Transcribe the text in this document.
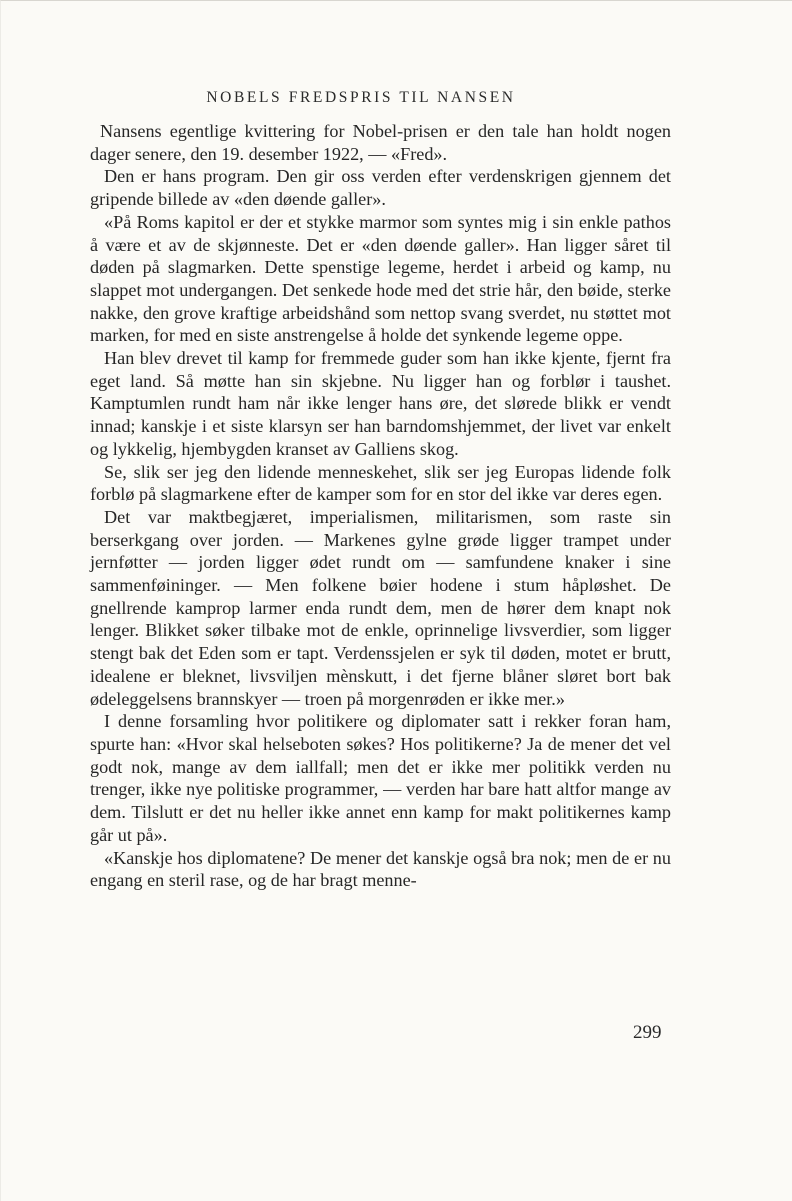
NOBELS FREDSPRIS TIL NANSEN

Nansens egentlige kvittering for Nobel-prisen er den tale han holdt nogen dager senere, den 19. desember 1922, — «Fred».

Den er hans program. Den gir oss verden efter verdenskrigen gjennem det gripende billede av «den døende galler».

«På Roms kapitol er der et stykke marmor som syntes mig i sin enkle pathos å være et av de skjønneste. Det er «den døende galler». Han ligger såret til døden på slagmarken. Dette spenstige legeme, herdet i arbeid og kamp, nu slappet mot undergangen. Det senkede hode med det strie hår, den bøide, sterke nakke, den grove kraftige arbeidshånd som nettop svang sverdet, nu støttet mot marken, for med en siste anstrengelse å holde det synkende legeme oppe.

Han blev drevet til kamp for fremmede guder som han ikke kjente, fjernt fra eget land. Så møtte han sin skjebne. Nu ligger han og forblør i taushet. Kamptumlen rundt ham når ikke lenger hans øre, det slørede blikk er vendt innad; kanskje i et siste klarsyn ser han barndomshjemmet, der livet var enkelt og lykkelig, hjembygden kranset av Galliens skog.

Se, slik ser jeg den lidende menneskehet, slik ser jeg Europas lidende folk forblø på slagmarkene efter de kamper som for en stor del ikke var deres egen.

Det var maktbegjæret, imperialismen, militarismen, som raste sin berserkgang over jorden. — Markenes gylne grøde ligger trampet under jernføtter — jorden ligger ødet rundt om — samfundene knaker i sine sammenføininger. — Men folkene bøier hodene i stum håpløshet. De gnellrende kamprop larmer enda rundt dem, men de hører dem knapt nok lenger. Blikket søker tilbake mot de enkle, oprinnelige livsverdier, som ligger stengt bak det Eden som er tapt. Verdenssjelen er syk til døden, motet er brutt, idealene er bleknet, livsviljen mènskutt, i det fjerne blåner sløret bort bak ødeleggelsens brannskyer — troen på morgenrøden er ikke mer.»

I denne forsamling hvor politikere og diplomater satt i rekker foran ham, spurte han: «Hvor skal helseboten søkes? Hos politikerne? Ja de mener det vel godt nok, mange av dem iallfall; men det er ikke mer politikk verden nu trenger, ikke nye politiske programmer, — verden har bare hatt altfor mange av dem. Tilslutt er det nu heller ikke annet enn kamp for makt politikernes kamp går ut på».

«Kanskje hos diplomatene? De mener det kanskje også bra nok; men de er nu engang en steril rase, og de har bragt menne-

299
